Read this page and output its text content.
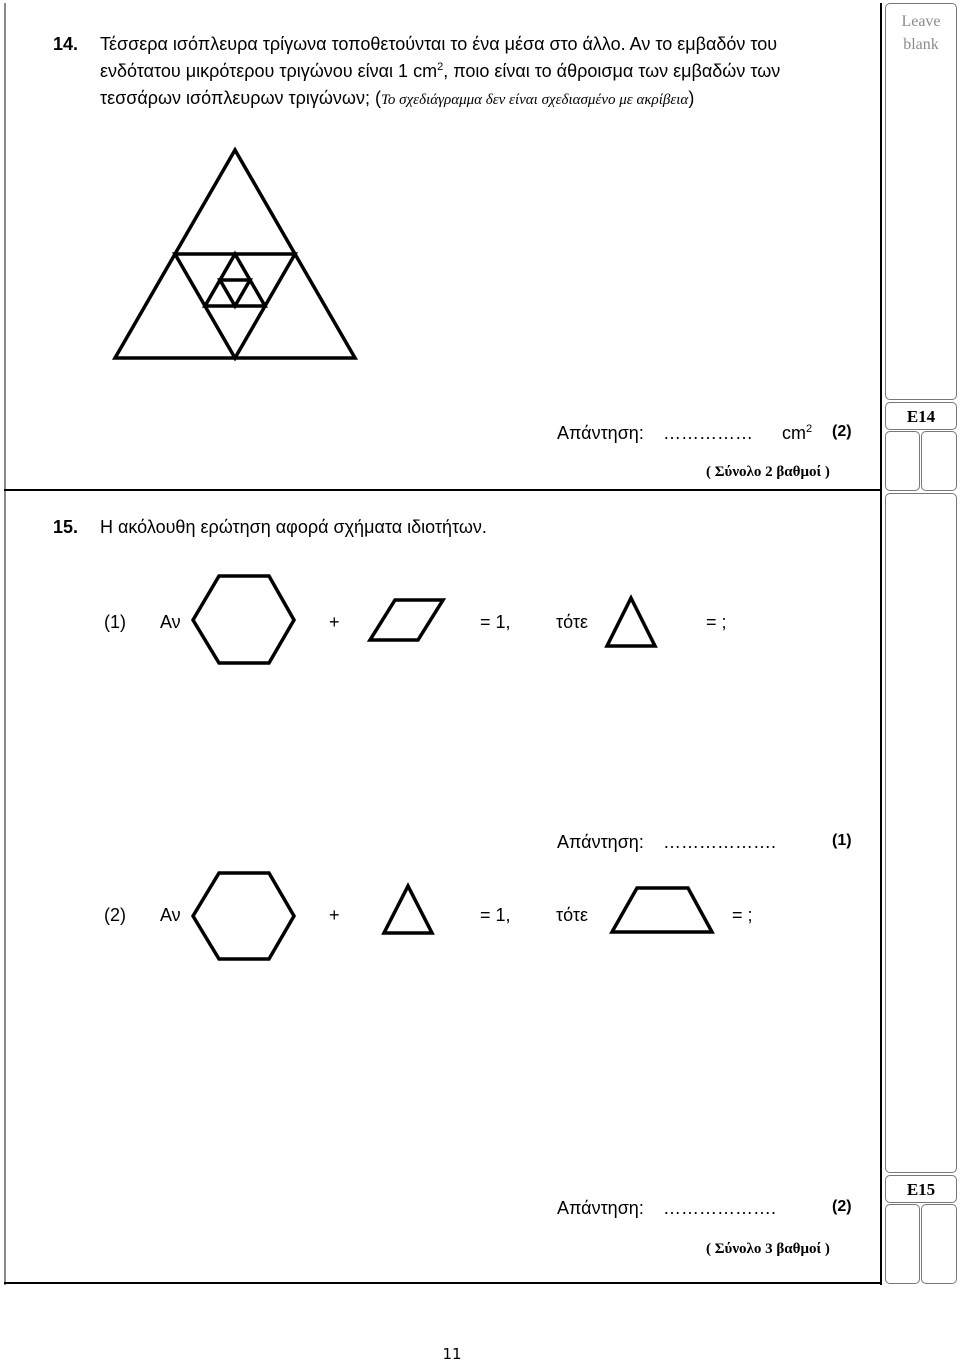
Leave
blank
E14
E15
14. Τέσσερα ισόπλευρα τρίγωνα τοποθετούνται το ένα μέσα στο άλλο. Αν το εμβαδόν του
ενδότατου μικρότερου τριγώνου είναι 1 $cm^2$, ποιο είναι το άθροισμα των εμβαδών των
τεσσάρων ισόπλευρων τριγώνων; (Το σχεδιάγραμμα δεν είναι σχεδιασμένο με ακρίβεια)
Απάντηση: …………… $cm^2$ (2)
( Σύνολο 2 βαθμοί )
15. Η ακόλουθη ερώτηση αφορά σχήματα ιδιοτήτων.
(1) Αν	+	= 1,	τότε	= ;
Απάντηση: ……………….	(1)
(2) Αν	+	= 1,	τότε	= ;
Απάντηση: ……………….	(2)
( Σύνολο 3 βαθμοί )
11
